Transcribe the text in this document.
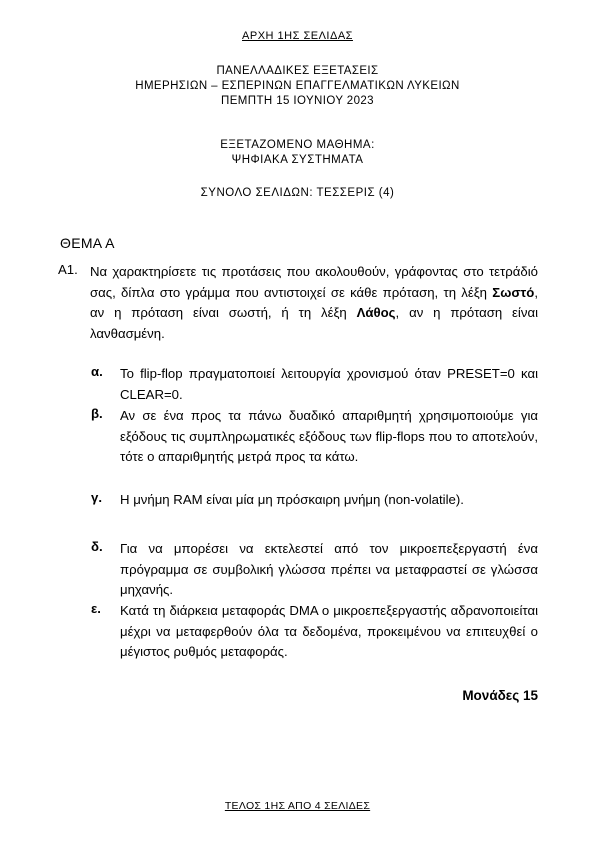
ΑΡΧΗ 1ΗΣ ΣΕΛΙΔΑΣ
ΠΑΝΕΛΛΑΔΙΚΕΣ ΕΞΕΤΑΣΕΙΣ
ΗΜΕΡΗΣΙΩΝ – ΕΣΠΕΡΙΝΩΝ ΕΠΑΓΓΕΛΜΑΤΙΚΩΝ ΛΥΚΕΙΩΝ
ΠΕΜΠΤΗ 15 ΙΟΥΝΙΟΥ 2023
ΕΞΕΤΑΖΟΜΕΝΟ ΜΑΘΗΜΑ:
ΨΗΦΙΑΚΑ ΣΥΣΤΗΜΑΤΑ
ΣΥΝΟΛΟ ΣΕΛΙΔΩΝ: ΤΕΣΣΕΡΙΣ (4)
ΘΕΜΑ Α
Α1. Να χαρακτηρίσετε τις προτάσεις που ακολουθούν, γράφοντας στο τετράδιό σας, δίπλα στο γράμμα που αντιστοιχεί σε κάθε πρόταση, τη λέξη Σωστό, αν η πρόταση είναι σωστή, ή τη λέξη Λάθος, αν η πρόταση είναι λανθασμένη.
α. Το flip-flop πραγματοποιεί λειτουργία χρονισμού όταν PRESET=0 και CLEAR=0.
β. Αν σε ένα προς τα πάνω δυαδικό απαριθμητή χρησιμοποιούμε για εξόδους τις συμπληρωματικές εξόδους των flip-flops που το αποτελούν, τότε ο απαριθμητής μετρά προς τα κάτω.
γ. Η μνήμη RAM είναι μία μη πρόσκαιρη μνήμη (non-volatile).
δ. Για να μπορέσει να εκτελεστεί από τον μικροεπεξεργαστή ένα πρόγραμμα σε συμβολική γλώσσα πρέπει να μεταφραστεί σε γλώσσα μηχανής.
ε. Κατά τη διάρκεια μεταφοράς DMA ο μικροεπεξεργαστής αδρανοποιείται μέχρι να μεταφερθούν όλα τα δεδομένα, προκειμένου να επιτευχθεί ο μέγιστος ρυθμός μεταφοράς.
Μονάδες 15
ΤΕΛΟΣ 1ΗΣ ΑΠΟ 4 ΣΕΛΙΔΕΣ
